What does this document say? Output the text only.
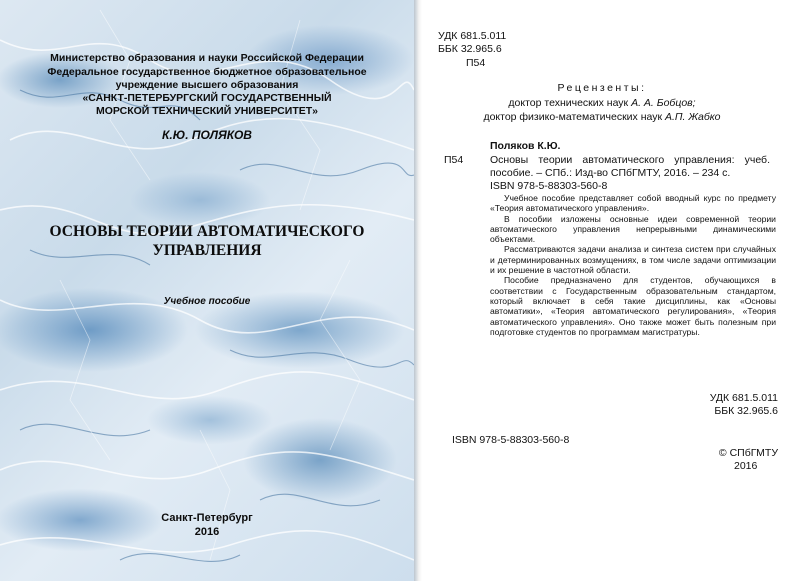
Министерство образования и науки Российской Федерации
Федеральное государственное бюджетное образовательное
учреждение высшего образования
«САНКТ-ПЕТЕРБУРГСКИЙ ГОСУДАРСТВЕННЫЙ
МОРСКОЙ ТЕХНИЧЕСКИЙ УНИВЕРСИТЕТ»
К.Ю. ПОЛЯКОВ
ОСНОВЫ ТЕОРИИ АВТОМАТИЧЕСКОГО
УПРАВЛЕНИЯ
Учебное пособие
Санкт-Петербург
2016
УДК 681.5.011
ББК 32.965.6
П54
Рецензенты:
доктор технических наук А. А. Бобцов;
доктор физико-математических наук А.П. Жабко
Поляков К.Ю.
П54	Основы теории автоматического управления: учеб. пособие. – СПб.: Изд-во СПбГМТУ, 2016. – 234 с.
ISBN 978-5-88303-560-8

Учебное пособие представляет собой вводный курс по предмету «Теория автоматического управления».

В пособии изложены основные идеи современной теории автоматического управления непрерывными динамическими объектами.

Рассматриваются задачи анализа и синтеза систем при случайных и детерминированных возмущениях, в том числе задачи оптимизации и их решение в частотной области.

Пособие предназначено для студентов, обучающихся в соответствии с Государственным образовательным стандартом, который включает в себя такие дисциплины, как «Основы автоматики», «Теория автоматического регулирования», «Теория автоматического управления». Оно также может быть полезным при подготовке студентов по программам магистратуры.

УДК 681.5.011
ББК 32.965.6
ISBN 978-5-88303-560-8
© СПбГМТУ
2016
